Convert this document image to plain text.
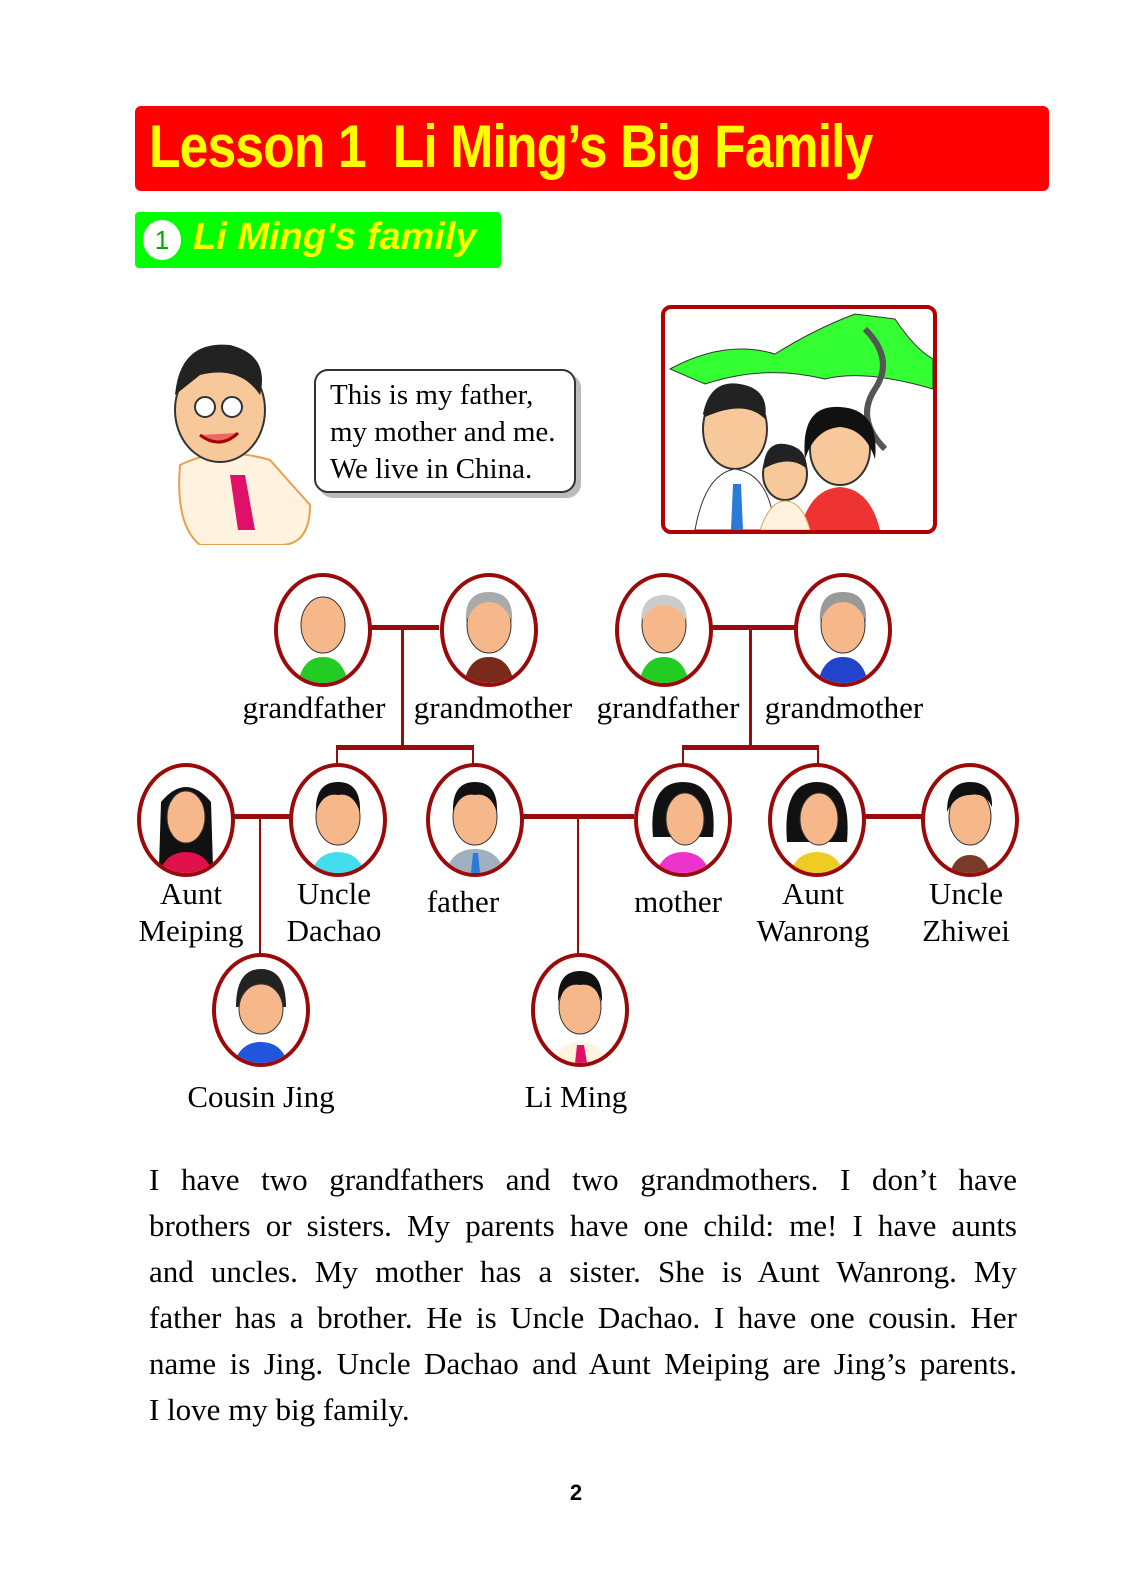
Lesson 1  Li Ming’s Big Family
1 Li Ming's family
This is my father,
my mother and me.
We live in China.
grandfather grandmother grandfather grandmother
Aunt
Meiping
Uncle
Dachao
father	mother	Aunt
Wanrong
Uncle
Zhiwei
Cousin Jing	Li Ming
I have two grandfathers and two grandmothers. I don’t have
brothers or sisters. My parents have one child: me! I have aunts
and uncles. My mother has a sister. She is Aunt Wanrong. My
father has a brother. He is Uncle Dachao. I have one cousin. Her
name is Jing. Uncle Dachao and Aunt Meiping are Jing’s parents.
I love my big family.
2
